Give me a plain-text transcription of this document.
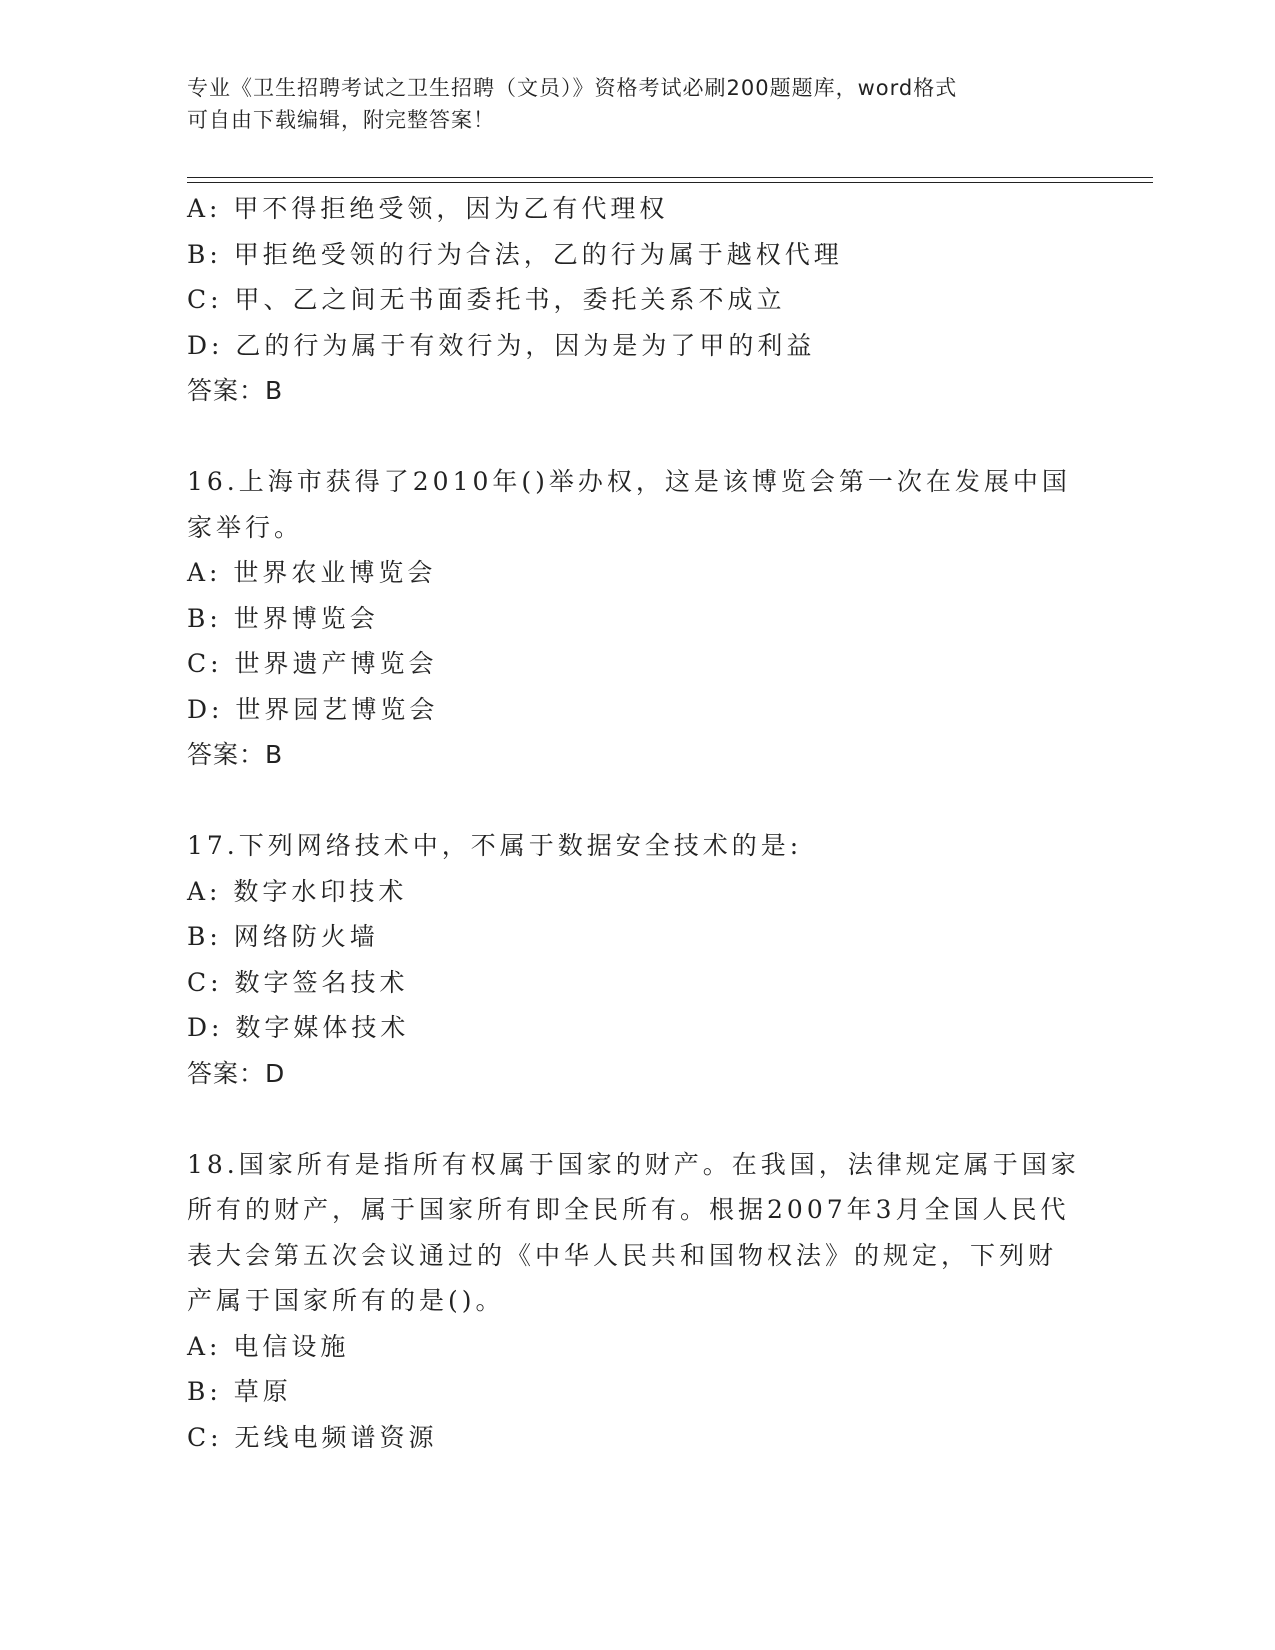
专业《卫生招聘考试之卫生招聘（文员）》资格考试必刷200题题库，word格式

可自由下载编辑，附完整答案！

A: 甲不得拒绝受领，因为乙有代理权
B: 甲拒绝受领的行为合法，乙的行为属于越权代理
C: 甲、乙之间无书面委托书，委托关系不成立
D: 乙的行为属于有效行为，因为是为了甲的利益
答案：B
16.上海市获得了2010年()举办权，这是该博览会第一次在发展中国
家举行。
A: 世界农业博览会
B: 世界博览会
C: 世界遗产博览会
D: 世界园艺博览会
答案：B
17.下列网络技术中，不属于数据安全技术的是:
A: 数字水印技术
B: 网络防火墙
C: 数字签名技术
D: 数字媒体技术
答案：D
18.国家所有是指所有权属于国家的财产。在我国，法律规定属于国家
所有的财产，属于国家所有即全民所有。根据2007年3月全国人民代
表大会第五次会议通过的《中华人民共和国物权法》的规定，下列财
产属于国家所有的是()。
A: 电信设施
B: 草原
C: 无线电频谱资源
